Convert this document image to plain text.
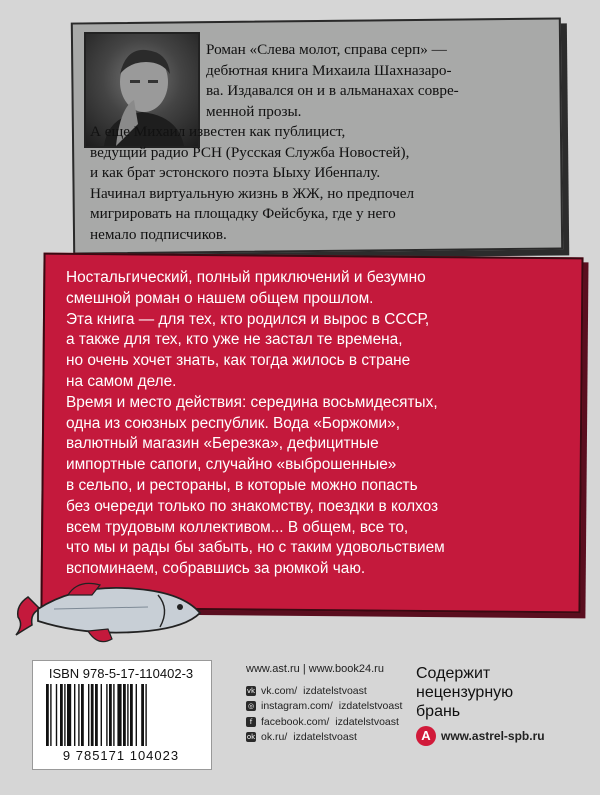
Роман «Слева молот, справа серп» —
дебютная книга Михаила Шахназаро-
ва. Издавался он и в альманахах совре-
менной прозы.
А еще Михаил известен как публицист,
ведущий радио РСН (Русская Служба Новостей),
и как брат эстонского поэта Ыыху Ибенпалу.
Начинал виртуальную жизнь в ЖЖ, но предпочел
мигрировать на площадку Фейсбука, где у него
немало подписчиков.
Ностальгический, полный приключений и безумно
смешной роман о нашем общем прошлом.
Эта книга — для тех, кто родился и вырос в СССР,
а также для тех, кто уже не застал те времена,
но очень хочет знать, как тогда жилось в стране
на самом деле.
Время и место действия: середина восьмидесятых,
одна из союзных республик. Вода «Боржоми»,
валютный магазин «Березка», дефицитные
импортные сапоги, случайно «выброшенные»
в сельпо, и рестораны, в которые можно попасть
без очереди только по знакомству, поездки в колхоз
всем трудовым коллективом... В общем, все то,
что мы и рады бы забыть, но с таким удовольствием
вспоминаем, собравшись за рюмкой чаю.
ISBN 978-5-17-110402-3
9 785171 104023
www.ast.ru | www.book24.ru
vk vk.com/ izdatelstvoast
◎ instagram.com/ izdatelstvoast
f facebook.com/ izdatelstvoast
ok ok.ru/ izdatelstvoast
Содержит
нецензурную
брань
А www.astrel-spb.ru
